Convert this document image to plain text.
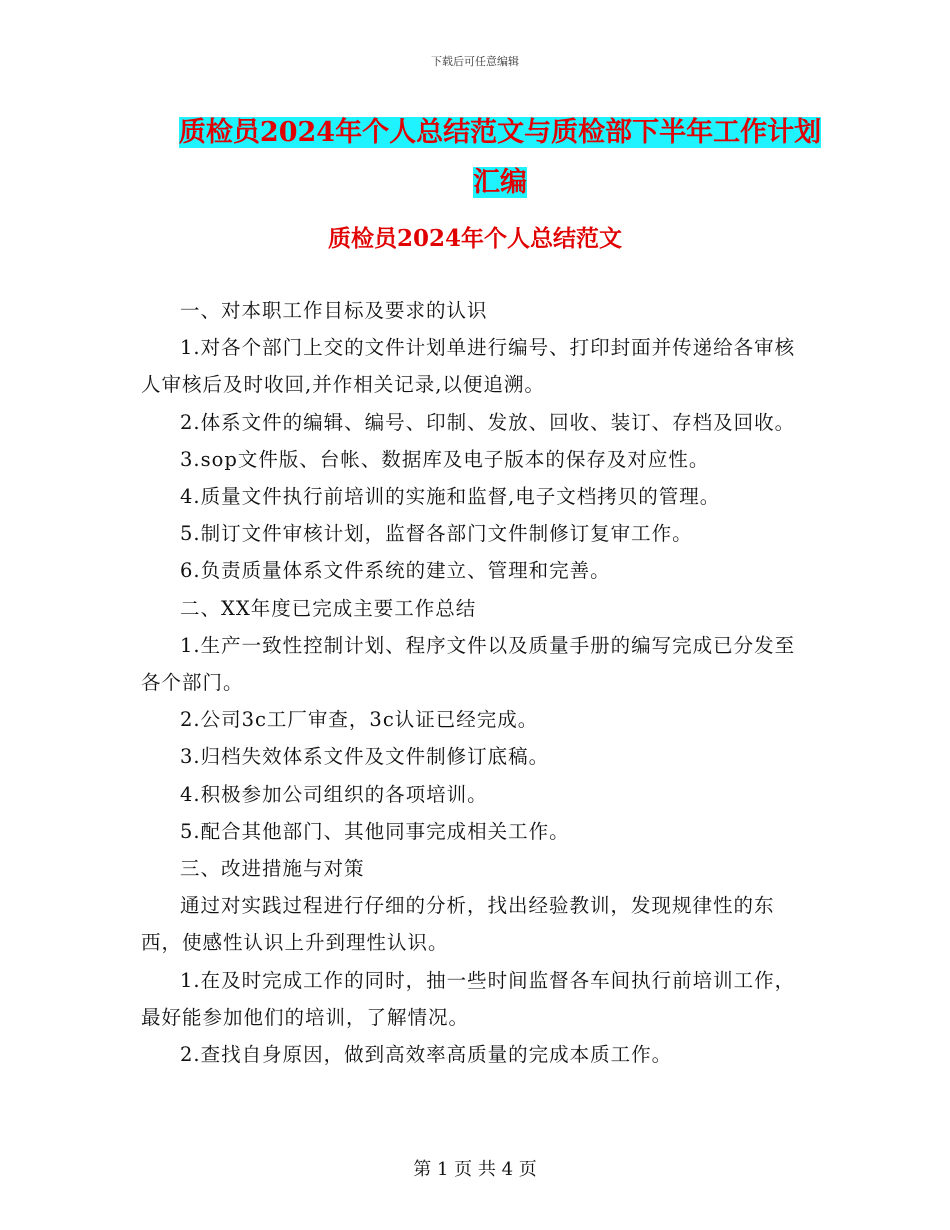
下载后可任意编辑
质检员2024年个人总结范文与质检部下半年工作计划
汇编
质检员2024年个人总结范文

一、对本职工作目标及要求的认识

1.对各个部门上交的文件计划单进行编号、打印封面并传递给各审核人审核后及时收回,并作相关记录,以便追溯。

2.体系文件的编辑、编号、印制、发放、回收、装订、存档及回收。

3.sop文件版、台帐、数据库及电子版本的保存及对应性。

4.质量文件执行前培训的实施和监督,电子文档拷贝的管理。

5.制订文件审核计划，监督各部门文件制修订复审工作。

6.负责质量体系文件系统的建立、管理和完善。

二、XX年度已完成主要工作总结

1.生产一致性控制计划、程序文件以及质量手册的编写完成已分发至各个部门。

2.公司3c工厂审查，3c认证已经完成。

3.归档失效体系文件及文件制修订底稿。

4.积极参加公司组织的各项培训。

5.配合其他部门、其他同事完成相关工作。

三、改进措施与对策

通过对实践过程进行仔细的分析，找出经验教训，发现规律性的东西，使感性认识上升到理性认识。

1.在及时完成工作的同时，抽一些时间监督各车间执行前培训工作，最好能参加他们的培训，了解情况。

2.查找自身原因，做到高效率高质量的完成本质工作。

第 1 页 共 4 页
